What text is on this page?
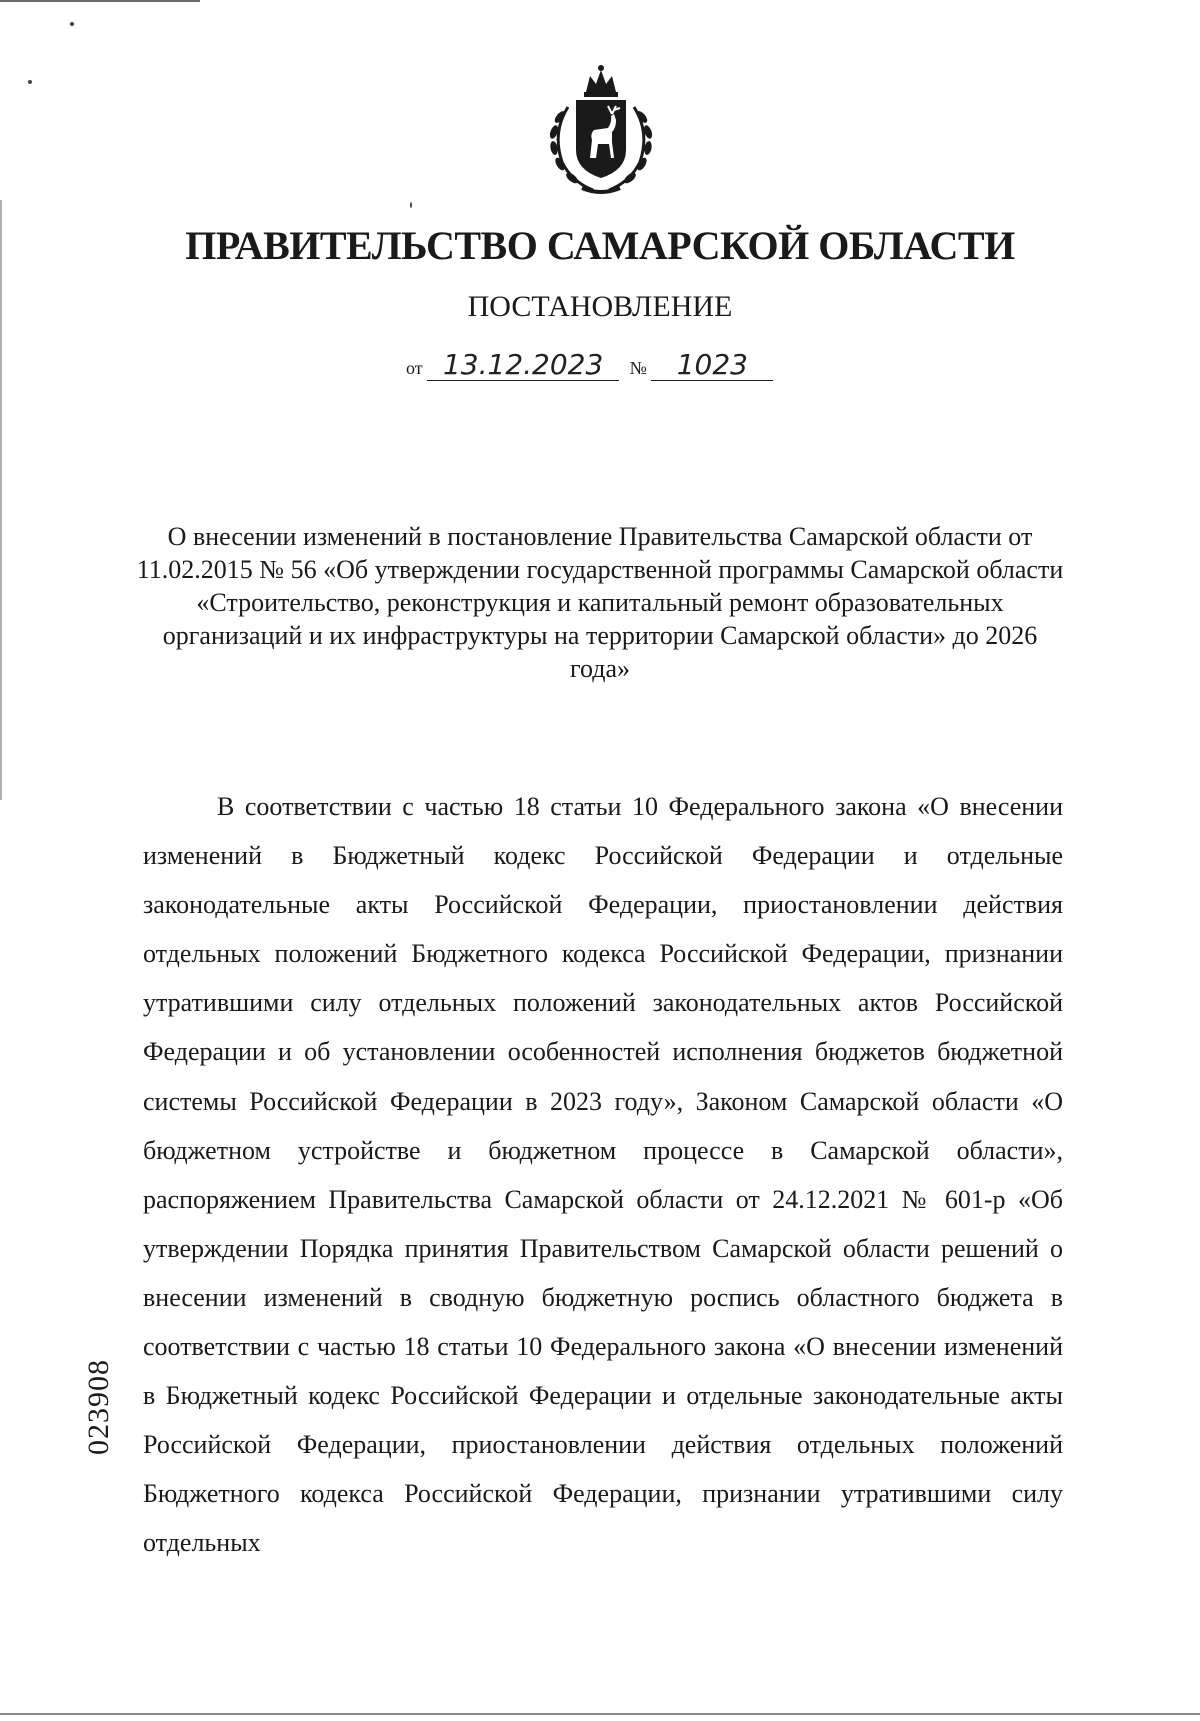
ПРАВИТЕЛЬСТВО САМАРСКОЙ ОБЛАСТИ
ПОСТАНОВЛЕНИЕ
от 13.12.2023 № 1023
О внесении изменений в постановление Правительства Самарской области от 11.02.2015 № 56 «Об утверждении государственной программы Самарской области «Строительство, реконструкция и капитальный ремонт образовательных организаций и их инфраструктуры на территории Самарской области» до 2026 года»

В соответствии с частью 18 статьи 10 Федерального закона «О внесении изменений в Бюджетный кодекс Российской Федерации и отдельные законодательные акты Российской Федерации, приостановлении действия отдельных положений Бюджетного кодекса Российской Федерации, признании утратившими силу отдельных положений законодательных актов Российской Федерации и об установлении особенностей исполнения бюджетов бюджетной системы Российской Федерации в 2023 году», Законом Самарской области «О бюджетном устройстве и бюджетном процессе в Самарской области», распоряжением Правительства Самарской области от 24.12.2021 № 601-р «Об утверждении Порядка принятия Правительством Самарской области решений о внесении изменений в сводную бюджетную роспись областного бюджета в соответствии с частью 18 статьи 10 Федерального закона «О внесении изменений в Бюджетный кодекс Российской Федерации и отдельные законодательные акты Российской Федерации, приостановлении действия отдельных положений Бюджетного кодекса Российской Федерации, признании утратившими силу отдельных

023908
